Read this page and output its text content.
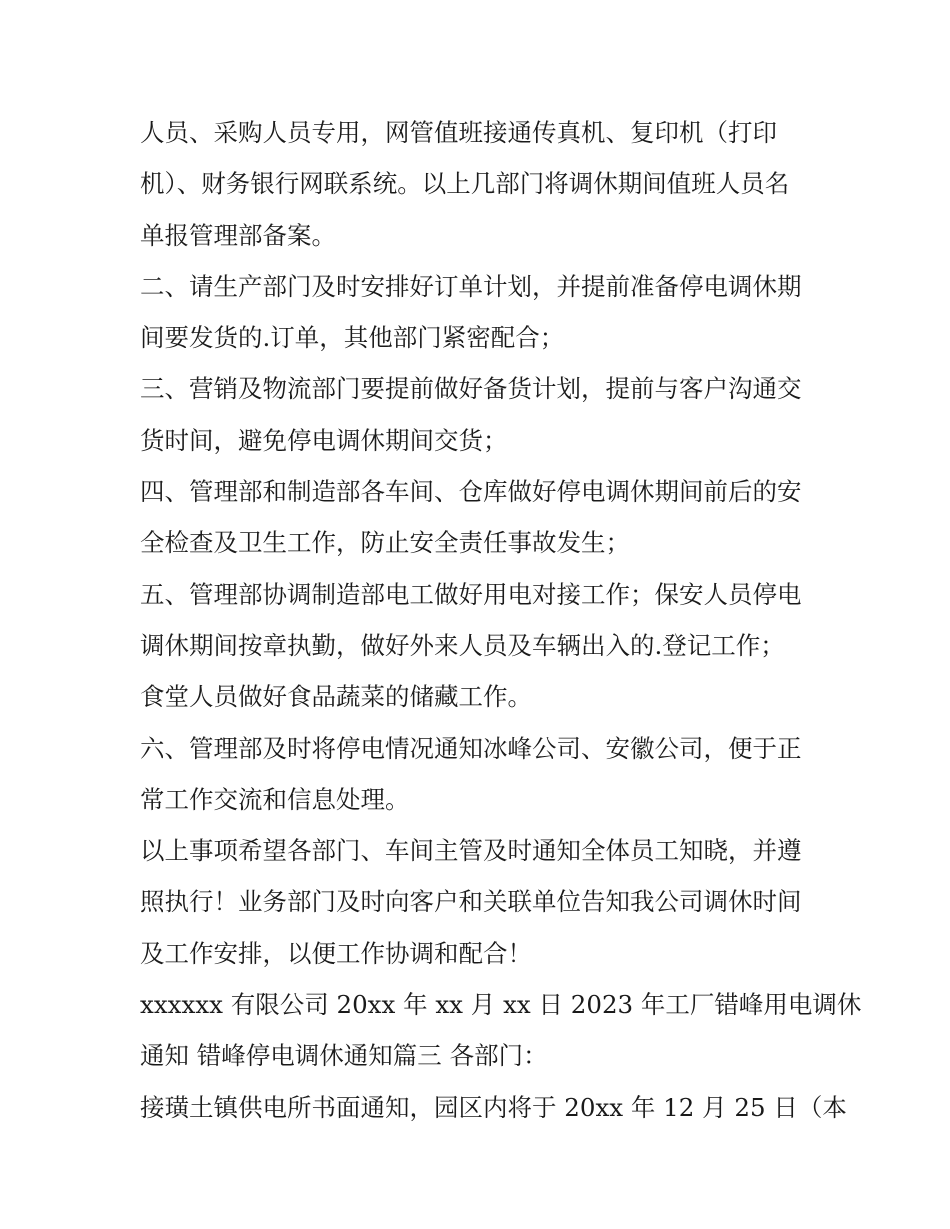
人员、采购人员专用，网管值班接通传真机、复印机（打印

机）、财务银行网联系统。以上几部门将调休期间值班人员名

单报管理部备案。

二、请生产部门及时安排好订单计划，并提前准备停电调休期

间要发货的.订单，其他部门紧密配合；

三、营销及物流部门要提前做好备货计划，提前与客户沟通交

货时间，避免停电调休期间交货；

四、管理部和制造部各车间、仓库做好停电调休期间前后的安

全检查及卫生工作，防止安全责任事故发生；

五、管理部协调制造部电工做好用电对接工作；保安人员停电

调休期间按章执勤，做好外来人员及车辆出入的.登记工作；

食堂人员做好食品蔬菜的储藏工作。

六、管理部及时将停电情况通知冰峰公司、安徽公司，便于正

常工作交流和信息处理。

以上事项希望各部门、车间主管及时通知全体员工知晓，并遵

照执行！业务部门及时向客户和关联单位告知我公司调休时间

及工作安排，以便工作协调和配合！

xxxxxx 有限公司 20xx 年 xx 月 xx 日 2023 年工厂错峰用电调休

通知 错峰停电调休通知篇三 各部门：

接璜土镇供电所书面通知，园区内将于 20xx 年 12 月 25 日（本
